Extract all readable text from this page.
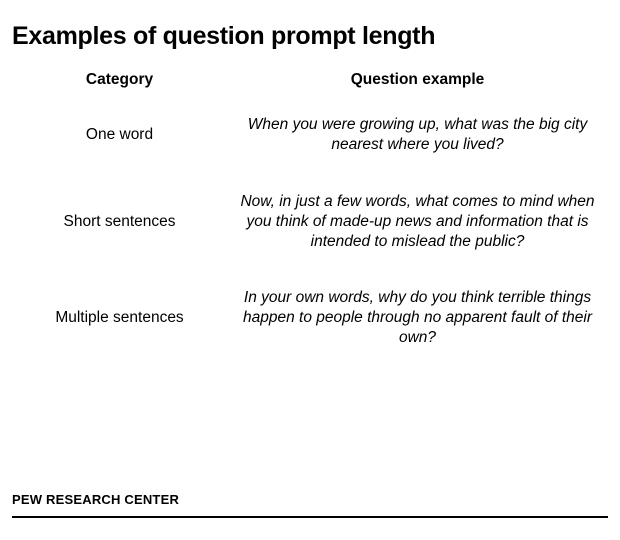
Examples of question prompt length
Category	Question example
One word	When you were growing up, what was the big city nearest where you lived?
Short sentences	Now, in just a few words, what comes to mind when you think of made-up news and information that is intended to mislead the public?
Multiple sentences	In your own words, why do you think terrible things happen to people through no apparent fault of their own?
PEW RESEARCH CENTER
